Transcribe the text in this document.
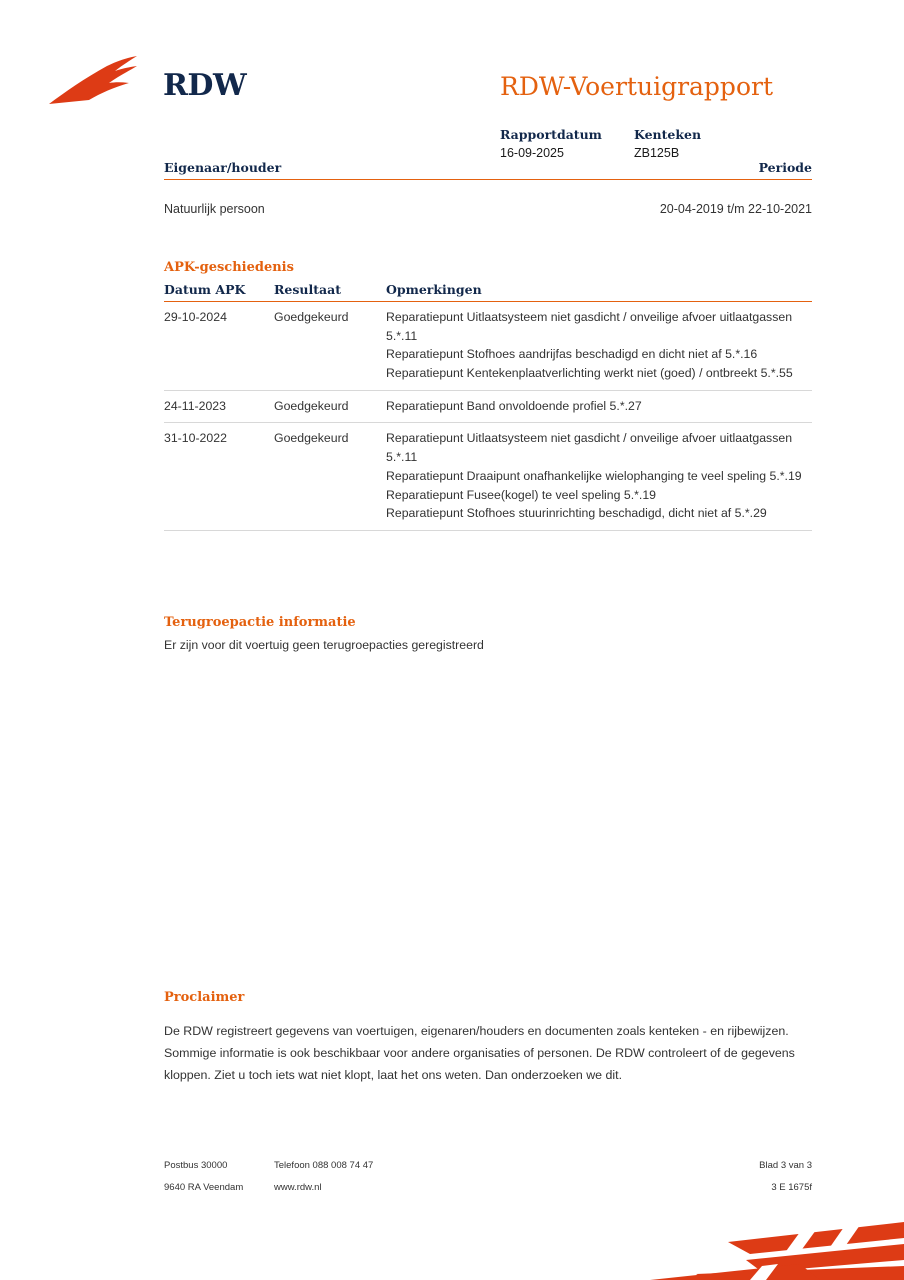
RDW	RDW-Voertuigrapport
Rapportdatum
16-09-2025
Kenteken
ZB125B
Eigenaar/houder	Periode
Natuurlijk persoon	20-04-2019 t/m 22-10-2021
APK-geschiedenis
Datum APK	Resultaat	Opmerkingen
29-10-2024	Goedgekeurd	Reparatiepunt Uitlaatsysteem niet gasdicht / onveilige afvoer uitlaatgassen 5.*.11
Reparatiepunt Stofhoes aandrijfas beschadigd en dicht niet af 5.*.16
Reparatiepunt Kentekenplaatverlichting werkt niet (goed) / ontbreekt 5.*.55

24-11-2023	Goedgekeurd	Reparatiepunt Band onvoldoende profiel 5.*.27

31-10-2022	Goedgekeurd	Reparatiepunt Uitlaatsysteem niet gasdicht / onveilige afvoer uitlaatgassen 5.*.11
Reparatiepunt Draaipunt onafhankelijke wielophanging te veel speling 5.*.19
Reparatiepunt Fusee(kogel) te veel speling 5.*.19
Reparatiepunt Stofhoes stuurinrichting beschadigd, dicht niet af 5.*.29
Terugroepactie informatie
Er zijn voor dit voertuig geen terugroepacties geregistreerd
Proclaimer
De RDW registreert gegevens van voertuigen, eigenaren/houders en documenten zoals kenteken - en rijbewijzen. Sommige informatie is ook beschikbaar voor andere organisaties of personen. De RDW controleert of de gegevens kloppen. Ziet u toch iets wat niet klopt, laat het ons weten. Dan onderzoeken we dit.
Postbus 30000	Telefoon 088 008 74 47	Blad 3 van 3
9640 RA Veendam	www.rdw.nl	3 E 1675f
